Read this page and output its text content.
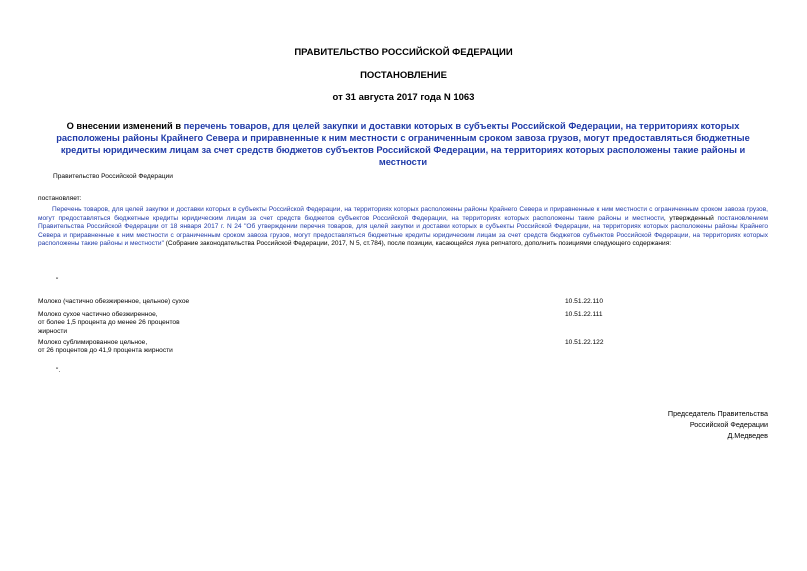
ПРАВИТЕЛЬСТВО РОССИЙСКОЙ ФЕДЕРАЦИИ
ПОСТАНОВЛЕНИЕ
от 31 августа 2017 года N 1063
О внесении изменений в перечень товаров, для целей закупки и доставки которых в субъекты Российской Федерации, на территориях которых расположены районы Крайнего Севера и приравненные к ним местности с ограниченным сроком завоза грузов, могут предоставляться бюджетные кредиты юридическим лицам за счет средств бюджетов субъектов Российской Федерации, на территориях которых расположены такие районы и местности
Правительство Российской Федерации
постановляет:
Перечень товаров, для целей закупки и доставки которых в субъекты Российской Федерации, на территориях которых расположены районы Крайнего Севера и приравненные к ним местности с ограниченным сроком завоза грузов, могут предоставляться бюджетные кредиты юридическим лицам за счет средств бюджетов субъектов Российской Федерации, на территориях которых расположены такие районы и местности, утвержденный постановлением Правительства Российской Федерации от 18 января 2017 г. N 24 "Об утверждении перечня товаров, для целей закупки и доставки которых в субъекты Российской Федерации, на территориях которых расположены районы Крайнего Севера и приравненные к ним местности с ограниченным сроком завоза грузов, могут предоставляться бюджетные кредиты юридическим лицам за счет средств бюджетов субъектов Российской Федерации, на территориях которых расположены такие районы и местности" (Собрание законодательства Российской Федерации, 2017, N 5, ст.784), после позиции, касающейся лука репчатого, дополнить позициями следующего содержания:
"
Молоко (частично обезжиренное, цельное) сухое	10.51.22.110
Молоко сухое частично обезжиренное,
от более 1,5 процента до менее 26 процентов
жирности
10.51.22.111
Молоко сублимированное цельное,
от 26 процентов до 41,9 процента жирности
10.51.22.122
".
Председатель Правительства
Российской Федерации
Д.Медведев
